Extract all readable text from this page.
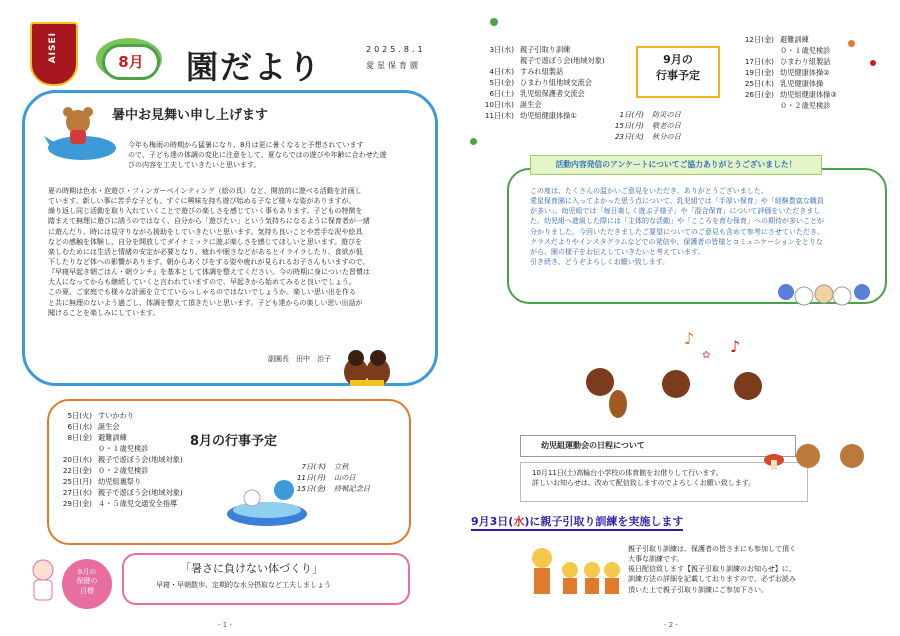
AISEI	8月	園だより	2025.8.1
愛星保育園
暑中お見舞い申し上げます

今年も梅雨の時期から猛暑になり、8月は更に暑くなると予想されています

ので、子ども達の体調の変化に注意をして、夏ならではの遊びや年齢に合わせた遊

びの内容を工夫していきたいと思います。

夏の時期は色水・泡遊び・フィンガーペインティング（絵の具）など、開放的に遊べる活動を計画し

ています。新しい事に苦手な子ども、すぐに興味を持ち遊び始める子など様々な姿がありますが、

繰り返し同じ活動を取り入れていくことで遊びの楽しさを感じていく事もあります。子どもの特徴を

踏まえて無理に遊びに誘うのではなく、自分から「遊びたい」という気持ちになるように保育者が一緒

に遊んだり、時には見守りながら援助をしていきたいと思います。気持ち良いことや苦手な泥や絵具

などの感触を体験し、自分を開放してダイナミックに遊ぶ楽しさを感じてほしいと思います。遊びを

楽しむためには生活と情緒の安定が必要となり、疲れや眠さなどがあるとイライラしたり、食欲が低

下したりなど体への影響があります。朝からあくびをする姿や疲れが見られるお子さんもいますので、

『早寝早起き朝ごはん・朝ウンチ』を基本として体調を整えてください。今の時期に身についた習慣は

大人になってからも継続していくと言われていますので、早起きから始めてみると良いでしょう。

この夏、ご家庭でも様々な計画を立てていらっしゃるのではないでしょうか。楽しい思い出を作る

と共に無理のないよう過ごし、体調を整えて頂きたいと思います。子ども達からの楽しい思い出話が

聞けることを楽しみにしています。

副園長　田中　治子
8月の行事予定
5日(火) すいかわり
6日(水) 誕生会
8日(金) 避難訓練
０・１歳児検診
20日(水) 親子で遊ぼう会(地域対象)
22日(金) ０・２歳児検診
25日(月) 幼児組裏祭り
27日(水) 親子で遊ぼう会(地域対象)
29日(金) ４・５歳児交通安全指導
7日(木) 立秋
11日(月) 山の日
15日(金) 終戦記念日
8月の
保健の
目標
「暑さに負けない体づくり」
早寝・早朝散歩、定期的な水分摂取など工夫しましょう
- 1 -
3日(水) 親子引取り訓練
親子で遊ぼう会(地域対象)
4日(木) すみれ組製話
5日(金) ひまわり組地域交流会
6日(土) 乳児組保護者交流会
10日(水) 誕生会
11日(木) 幼児組健康体操①
9月の
行事予定
12日(金) 避難訓練
０・１歳児検診
17日(水) ひまわり組製話
19日(金) 幼児健康体操②
25日(木) 乳児健康体操
26日(金) 幼児組健康体操③
０・２歳児検診
1日(月) 防災の日
15日(月) 敬老の日
23日(火) 秋分の日
活動内容発信のアンケートについてご協力ありがとうございました！

この度は、たくさんの温かいご意見をいただき、ありがとうございました。

愛星保育園に入ってよかった思う点について、乳児組では「手厚い保育」や「経験豊富な職員

が多い」、幼児組では「毎日楽しく遊ぶ子様子」や「混合保育」について評価をいただきまし

た。幼児組へ進級した際には「主体的な活動」や「こころを育む保育」への期待が多いことが

分かりました。今回いただきましたご要望についてのご意見も含めて参考にさせていただき、

クラスだよりやインスタグラムなどでの発信や、保護者の皆様とコミュニケーションをとりな

がら、園の様子をお伝えしていきたいと考えています。

引き続き、どうぞよろしくお願い致します。

♪ ♪
✿
幼児組運動会の日程について

10月11日(土)高輪台小学校の体育館をお借りして行います。

詳しいお知らせは、改めて配信致しますのでよろしくお願い致します。

9月3日(水)に親子引取り訓練を実施します

親子引取り訓練は、保護者の皆さまにも参加して頂く

大事な訓練です。

後日配信致します【親子引取り訓練のお知らせ】に、

訓練方法の詳細を記載しておりますので、必ずお読み

頂いた上で親子引取り訓練にご参加下さい。

- 2 -
